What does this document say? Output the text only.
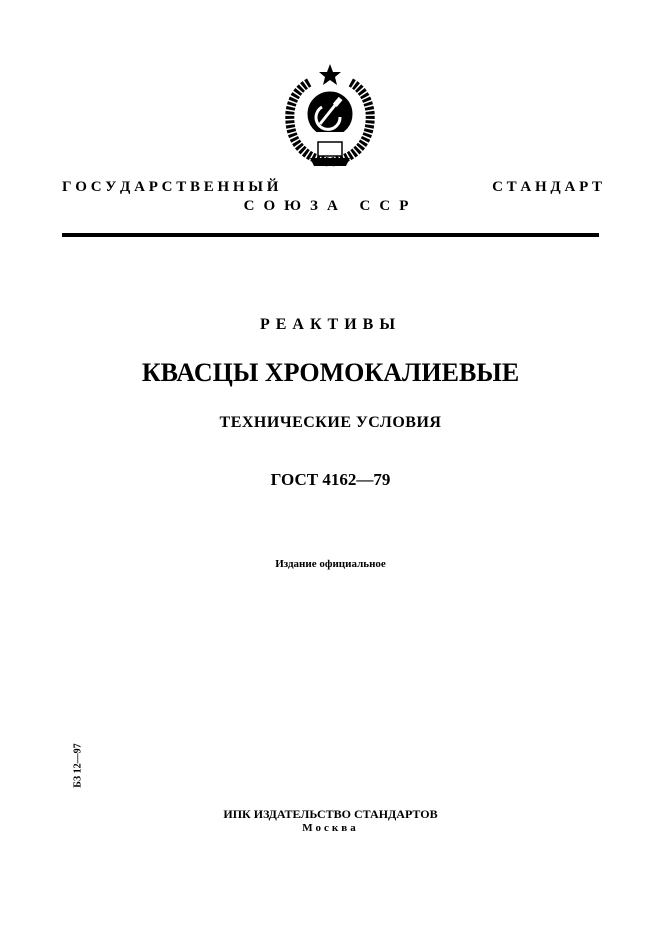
Г О С У Д А Р С Т В Е Н Н Ы Й	С Т А Н Д А Р Т
СОЮЗА ССР
РЕАКТИВЫ
КВАСЦЫ ХРОМОКАЛИЕВЫЕ
ТЕХНИЧЕСКИЕ УСЛОВИЯ
ГОСТ 4162—79
Издание официальное
БЗ 12—97
ИПК ИЗДАТЕЛЬСТВО СТАНДАРТОВ
Москва
